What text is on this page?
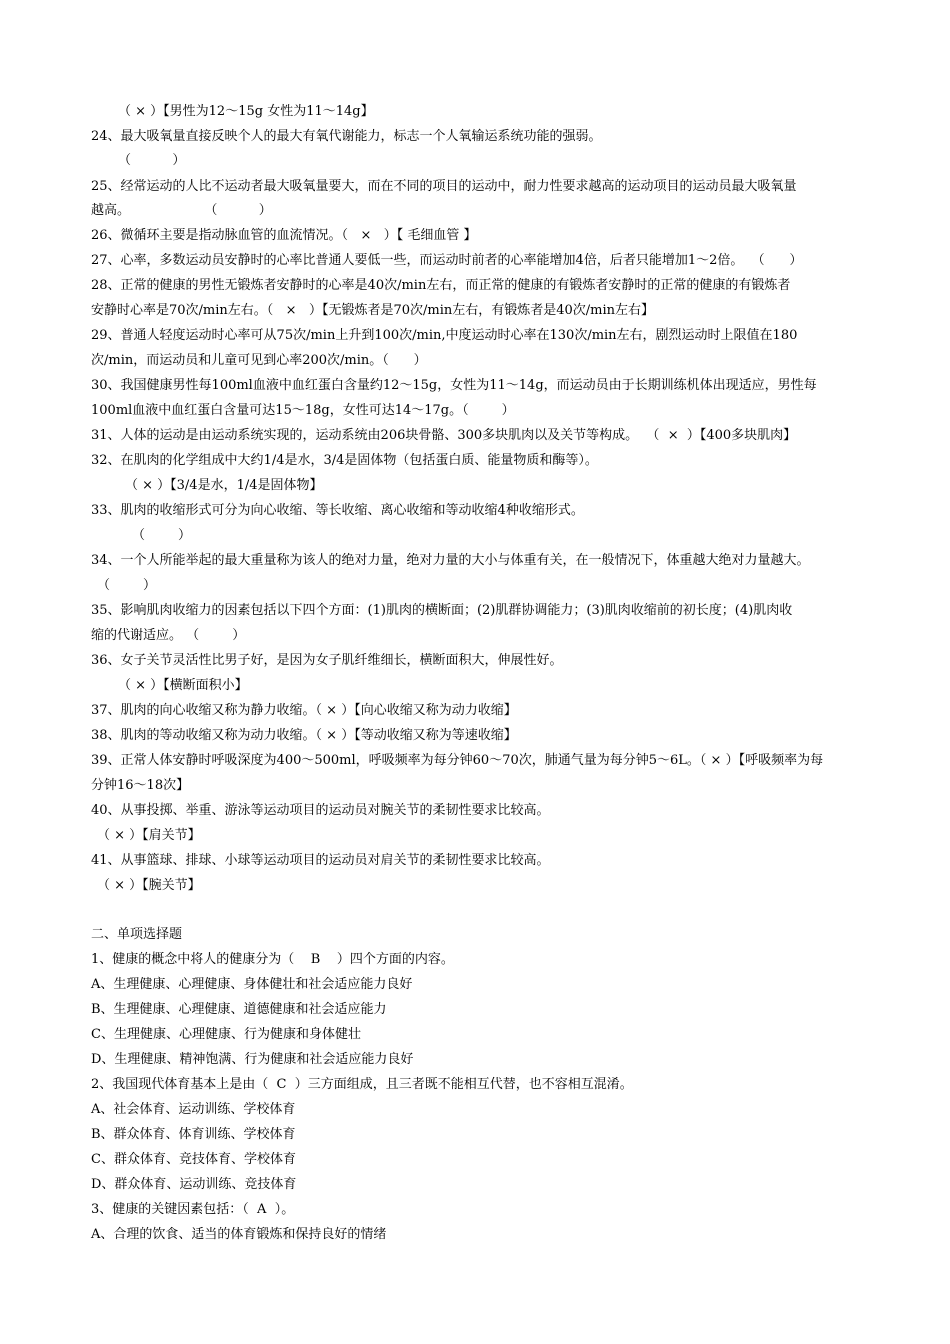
（ × ）【男性为12～15g 女性为11～14g】
24、最大吸氧量直接反映个人的最大有氧代谢能力，标志一个人氧输运系统功能的强弱。
（          ）
25、经常运动的人比不运动者最大吸氧量要大，而在不同的项目的运动中，耐力性要求越高的运动项目的运动员最大吸氧量
越高。                  （          ）
26、微循环主要是指动脉血管的血流情况。（   ×   ）【 毛细血管 】
27、心率，多数运动员安静时的心率比普通人要低一些，而运动时前者的心率能增加4倍，后者只能增加1～2倍。  （      ）
28、正常的健康的男性无锻炼者安静时的心率是40次/min左右，而正常的健康的有锻炼者安静时的正常的健康的有锻炼者
安静时心率是70次/min左右。（   ×   ）【无锻炼者是70次/min左右，有锻炼者是40次/min左右】
29、普通人轻度运动时心率可从75次/min上升到100次/min,中度运动时心率在130次/min左右，剧烈运动时上限值在180
次/min，而运动员和儿童可见到心率200次/min。（      ）
30、我国健康男性每100ml血液中血红蛋白含量约12～15g，女性为11～14g，而运动员由于长期训练机体出现适应，男性每
100ml血液中血红蛋白含量可达15～18g，女性可达14～17g。（        ）
31、人体的运动是由运动系统实现的，运动系统由206块骨骼、300多块肌肉以及关节等构成。  （  ×  ）【400多块肌肉】
32、在肌肉的化学组成中大约1/4是水，3/4是固体物（包括蛋白质、能量物质和酶等）。
（ × ）【3/4是水，1/4是固体物】
33、肌肉的收缩形式可分为向心收缩、等长收缩、离心收缩和等动收缩4种收缩形式。
（        ）
34、一个人所能举起的最大重量称为该人的绝对力量，绝对力量的大小与体重有关，在一般情况下，体重越大绝对力量越大。
（        ）
35、影响肌肉收缩力的因素包括以下四个方面：(1)肌肉的横断面；(2)肌群协调能力；(3)肌肉收缩前的初长度；(4)肌肉收
缩的代谢适应。 （        ）
36、女子关节灵活性比男子好，是因为女子肌纤维细长，横断面积大，伸展性好。
（ × ）【横断面积小】
37、肌肉的向心收缩又称为静力收缩。（ × ）【向心收缩又称为动力收缩】
38、肌肉的等动收缩又称为动力收缩。（ × ）【等动收缩又称为等速收缩】
39、正常人体安静时呼吸深度为400～500ml，呼吸频率为每分钟60～70次，肺通气量为每分钟5～6L。（ × ）【呼吸频率为每
分钟16～18次】
40、从事投掷、举重、游泳等运动项目的运动员对腕关节的柔韧性要求比较高。
（ × ）【肩关节】
41、从事篮球、排球、小球等运动项目的运动员对肩关节的柔韧性要求比较高。
（ × ）【腕关节】
二、单项选择题
1、健康的概念中将人的健康分为（    B    ）四个方面的内容。
A、生理健康、心理健康、身体健壮和社会适应能力良好
B、生理健康、心理健康、道德健康和社会适应能力
C、生理健康、心理健康、行为健康和身体健壮
D、生理健康、精神饱满、行为健康和社会适应能力良好
2、我国现代体育基本上是由（  C  ）三方面组成，且三者既不能相互代替，也不容相互混淆。
A、社会体育、运动训练、学校体育
B、群众体育、体育训练、学校体育
C、群众体育、竞技体育、学校体育
D、群众体育、运动训练、竞技体育
3、健康的关键因素包括：（  A  ）。
A、合理的饮食、适当的体育锻炼和保持良好的情绪
